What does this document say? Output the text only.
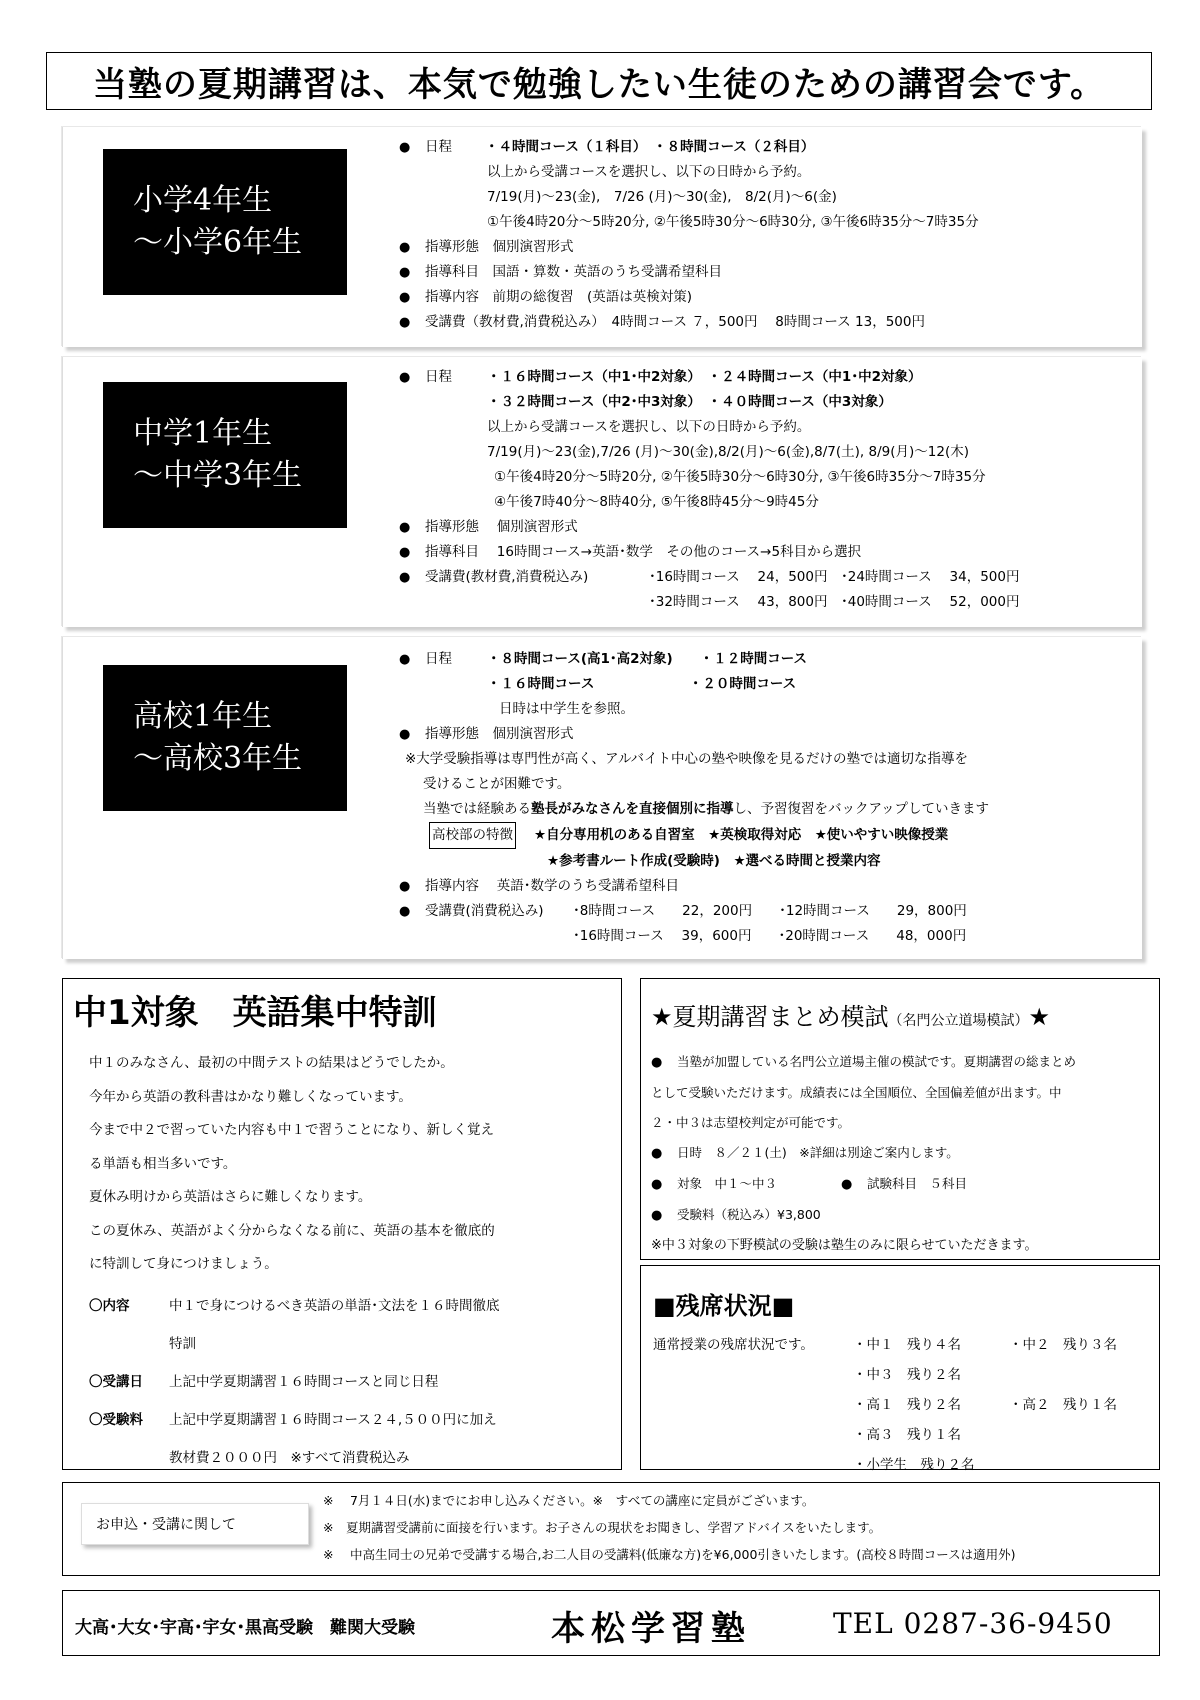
当塾の夏期講習は、本気で勉強したい生徒のための講習会です。
小学4年生
～小学6年生
● 日程 ・４時間コース（１科目）　・８時間コース（２科目）
以上から受講コースを選択し、以下の日時から予約。
7/19(月)～23(金),　7/26 (月)～30(金),　8/2(月)～6(金)
①午後4時20分～5時20分, ②午後5時30分～6時30分, ③午後6時35分～7時35分
● 指導形態　個別演習形式
● 指導科目　国語・算数・英語のうち受講希望科目
● 指導内容　前期の総復習　(英語は英検対策)
● 受講費（教材費,消費税込み）　4時間コース ７，500円　 8時間コース 13，500円
中学1年生
～中学3年生
● 日程	・１６時間コース（中1･中2対象）　・２４時間コース（中1･中2対象）
・３２時間コース（中2･中3対象）　・４０時間コース（中3対象）
以上から受講コースを選択し、以下の日時から予約。
7/19(月)～23(金),7/26 (月)～30(金),8/2(月)～6(金),8/7(土), 8/9(月)～12(木)
①午後4時20分～5時20分, ②午後5時30分～6時30分, ③午後6時35分～7時35分
④午後7時40分～8時40分, ⑤午後8時45分～9時45分
● 指導形態　 個別演習形式
● 指導科目　 16時間コース→英語･数学　その他のコース→5科目から選択
● 受講費(教材費,消費税込み)	･16時間コース　 24，500円　･24時間コース　 34，500円
･32時間コース　 43，800円　･40時間コース　 52，000円
高校1年生
～高校3年生
● 日程	・８時間コース(高1･高2対象)　　・１２時間コース
・１６時間コース　　　　　　　・２０時間コース
日時は中学生を参照。
● 指導形態　個別演習形式
※大学受験指導は専門性が高く、アルバイト中心の塾や映像を見るだけの塾では適切な指導を
受けることが困難です。
当塾では経験ある塾長がみなさんを直接個別に指導し、予習復習をバックアップしていきます
高校部の特徴 ★自分専用机のある自習室　★英検取得対応　★使いやすい映像授業
★参考書ルート作成(受験時)　★選べる時間と授業内容
● 指導内容　 英語･数学のうち受講希望科目
● 受講費(消費税込み) ･8時間コース　　22，200円　　･12時間コース　　29，800円
･16時間コース　 39，600円　　･20時間コース　　48，000円
中1対象　英語集中特訓
中１のみなさん、最初の中間テストの結果はどうでしたか。
今年から英語の教科書はかなり難しくなっています。
今まで中２で習っていた内容も中１で習うことになり、新しく覚え
る単語も相当多いです。
夏休み明けから英語はさらに難しくなります。
この夏休み、英語がよく分からなくなる前に、英語の基本を徹底的
に特訓して身につけましょう。
〇内容	中１で身につけるべき英語の単語･文法を１６時間徹底
特訓
〇受講日 上記中学夏期講習１６時間コースと同じ日程
〇受験料 上記中学夏期講習１６時間コース２４,５００円に加え
教材費２０００円　※すべて消費税込み
★夏期講習まとめ模試（名門公立道場模試）★
● 当塾が加盟している名門公立道場主催の模試です。夏期講習の総まとめ
として受験いただけます。成績表には全国順位、全国偏差値が出ます。中
２・中３は志望校判定が可能です。
● 日時　８／２１(土)　※詳細は別途ご案内します。
● 対象　中１～中３●	試験科目　５科目
● 受験料（税込み）¥3,800
※中３対象の下野模試の受験は塾生のみに限らせていただきます。
■残席状況■
通常授業の残席状況です。	・中１　残り４名	・中２　残り３名
・中３　残り２名
・高１　残り２名	・高２　残り１名
・高３　残り１名
・小学生　残り２名
お申込・受講に関して
※　 7月１４日(水)までにお申し込みください。※　すべての講座に定員がございます。
※　夏期講習受講前に面接を行います。お子さんの現状をお聞きし、学習アドバイスをいたします。
※　 中高生同士の兄弟で受講する場合,お二人目の受講料(低廉な方)を¥6,000引きいたします。(高校８時間コースは適用外)
大高･大女･宇高･宇女･黒高受験　難関大受験	本松学習塾	TEL 0287-36-9450
